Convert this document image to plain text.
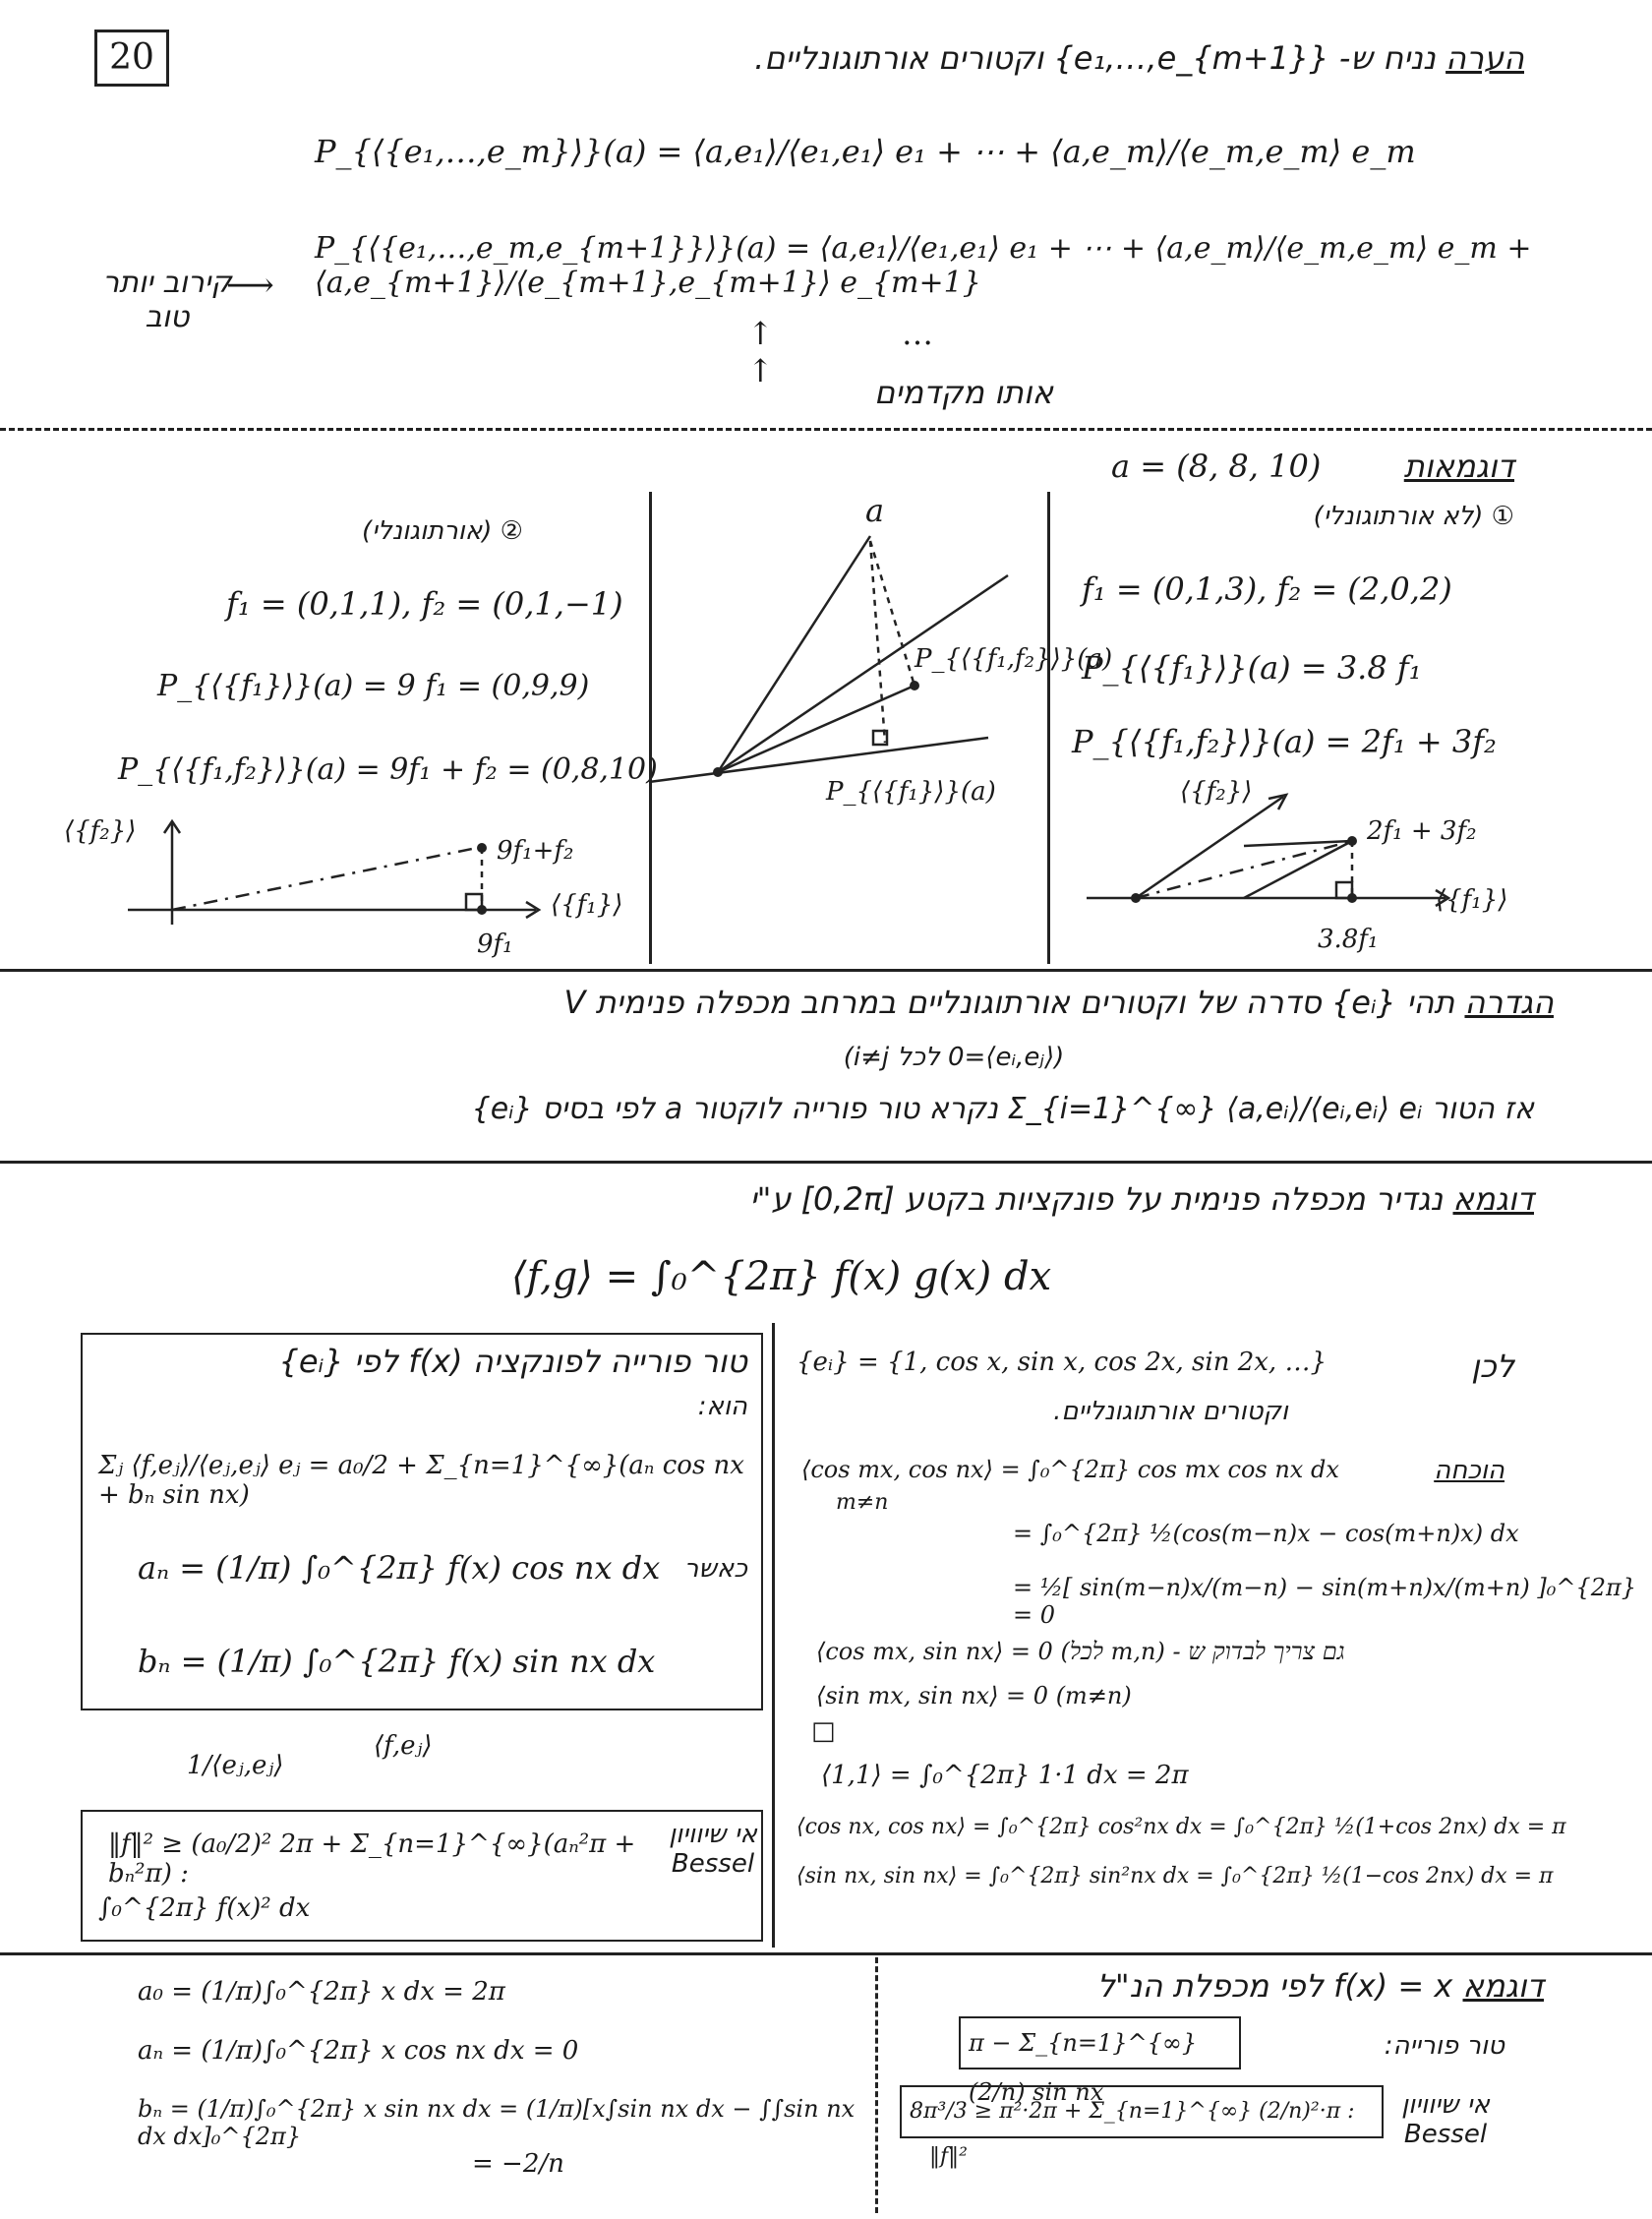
20	הערה נניח ש- {e₁,…,e_{m+1}} וקטורים אורתוגונליים.
P_{⟨{e₁,…,e_m}⟩}(a) = ⟨a,e₁⟩/⟨e₁,e₁⟩ e₁ + ⋯ + ⟨a,e_m⟩/⟨e_m,e_m⟩ e_m
P_{⟨{e₁,…,e_m,e_{m+1}}⟩}(a) = ⟨a,e₁⟩/⟨e₁,e₁⟩ e₁ + ⋯ + ⟨a,e_m⟩/⟨e_m,e_m⟩ e_m + ⟨a,e_{m+1}⟩/⟨e_{m+1},e_{m+1}⟩ e_{m+1}
קירוב יותר טוב
⟶
↑ … ↑
אותו מקדמים
דוגמאות
a = (8, 8, 10)
① (לא אורתוגונלי)
f₁ = (0,1,3), f₂ = (2,0,2)
P_{⟨{f₁}⟩}(a) = 3.8 f₁
P_{⟨{f₁,f₂}⟩}(a) = 2f₁ + 3f₂
⟨{f₂}⟩
2f₁ + 3f₂
⟨{f₁}⟩
3.8f₁
a
P_{⟨{f₁,f₂}⟩}(a)
P_{⟨{f₁}⟩}(a)
② (אורתוגונלי)
f₁ = (0,1,1), f₂ = (0,1,−1)
P_{⟨{f₁}⟩}(a) = 9 f₁ = (0,9,9)
P_{⟨{f₁,f₂}⟩}(a) = 9f₁ + f₂ = (0,8,10)
⟨{f₂}⟩
9f₁+f₂
⟨{f₁}⟩
9f₁
הגדרה תהי {eᵢ} סדרה של וקטורים אורתוגונליים במרחב מכפלה פנימית V
(⟨eᵢ,eⱼ⟩=0 לכל i≠j)
אז הטור Σ_{i=1}^{∞} ⟨a,eᵢ⟩/⟨eᵢ,eᵢ⟩ eᵢ נקרא טור פורייה לוקטור a לפי בסיס {eᵢ}
דוגמא נגדיר מכפלה פנימית על פונקציות בקטע [0,2π] ע"י
⟨f,g⟩ = ∫₀^{2π} f(x) g(x) dx
טור פורייה לפונקציה f(x) לפי {eᵢ}
הוא:
Σⱼ ⟨f,eⱼ⟩/⟨eⱼ,eⱼ⟩ eⱼ = a₀/2 + Σ_{n=1}^{∞}(aₙ cos nx + bₙ sin nx)
כאשר
aₙ = (1/π) ∫₀^{2π} f(x) cos nx dx
bₙ = (1/π) ∫₀^{2π} f(x) sin nx dx
1/⟨eⱼ,eⱼ⟩
⟨f,eⱼ⟩
‖f‖² ≥ (a₀/2)² 2π + Σ_{n=1}^{∞}(aₙ²π + bₙ²π) :
∫₀^{2π} f(x)² dx
אי שיוויון Bessel
לכן
{eᵢ} = {1, cos x, sin x, cos 2x, sin 2x, …}
וקטורים אורתוגונליים.
הוכחה
⟨cos mx, cos nx⟩ = ∫₀^{2π} cos mx cos nx dx
m≠n
= ∫₀^{2π} ½(cos(m−n)x − cos(m+n)x) dx
= ½[ sin(m−n)x/(m−n) − sin(m+n)x/(m+n) ]₀^{2π} = 0
⟨cos mx, sin nx⟩ = 0 (לכל m,n) - גם צריך לבדוק ש
⟨sin mx, sin nx⟩ = 0 (m≠n)
□
⟨1,1⟩ = ∫₀^{2π} 1·1 dx = 2π
⟨cos nx, cos nx⟩ = ∫₀^{2π} cos²nx dx = ∫₀^{2π} ½(1+cos 2nx) dx = π
⟨sin nx, sin nx⟩ = ∫₀^{2π} sin²nx dx = ∫₀^{2π} ½(1−cos 2nx) dx = π
a₀ = (1/π)∫₀^{2π} x dx = 2π
aₙ = (1/π)∫₀^{2π} x cos nx dx = 0
bₙ = (1/π)∫₀^{2π} x sin nx dx = (1/π)[x∫sin nx dx − ∫∫sin nx dx dx]₀^{2π}
= −2/n
דוגמא f(x) = x לפי מכפלת הנ"ל
טור פורייה:
π − Σ_{n=1}^{∞} (2/n) sin nx
8π³/3 ≥ π²·2π + Σ_{n=1}^{∞} (2/n)²·π :	אי שיוויון Bessel
‖f‖²
